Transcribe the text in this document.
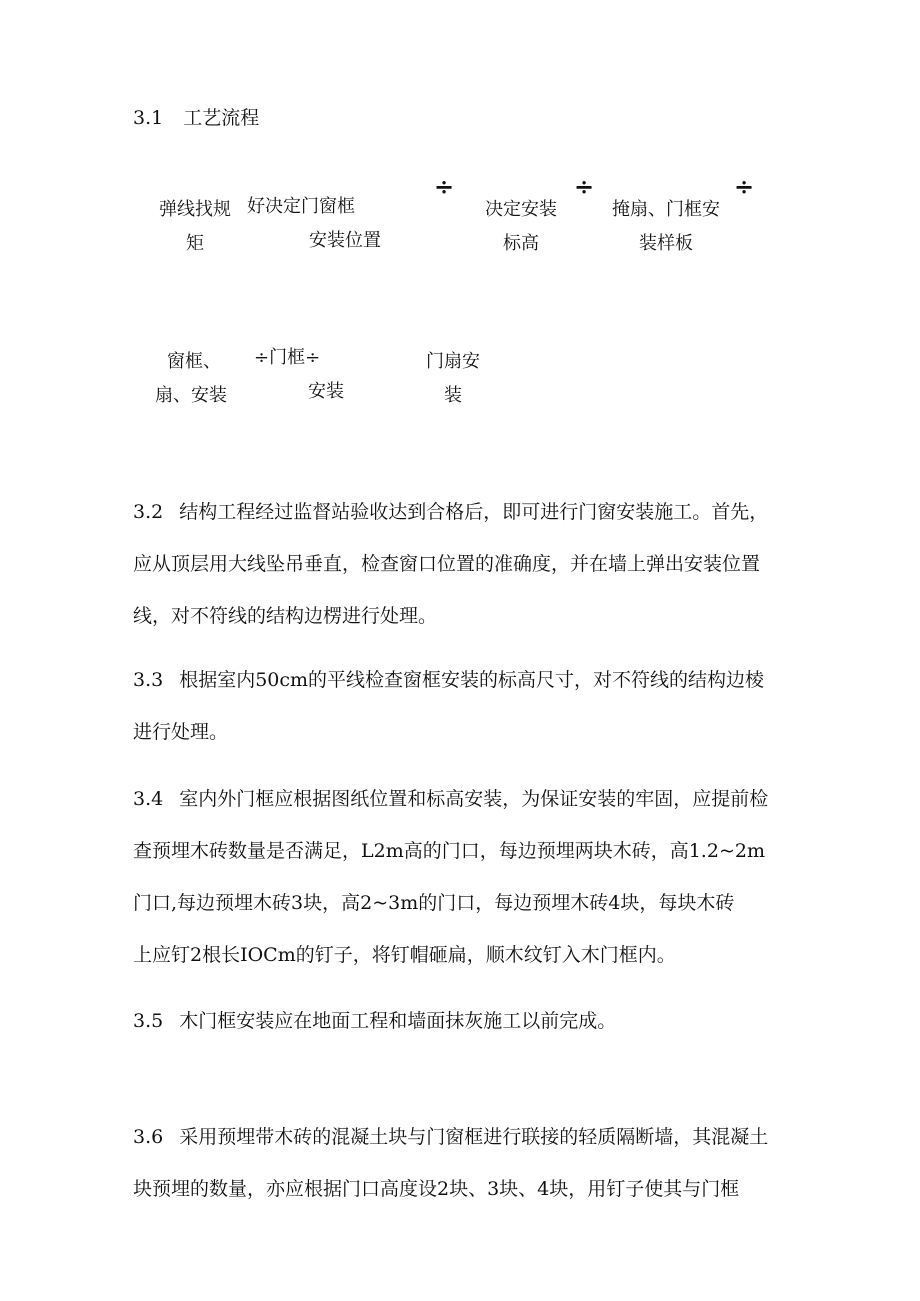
3.1 工艺流程
弹线找规
矩
好决定门窗框
安装位置
÷
决定安装
标高
÷
掩扇、门框安
装样板
÷
窗框、
扇、安装
÷门框÷
安装
门扇安
装
3.2 结构工程经过监督站验收达到合格后，即可进行门窗安装施工。首先，
应从顶层用大线坠吊垂直，检查窗口位置的准确度，并在墙上弹出安装位置
线，对不符线的结构边楞进行处理。
3.3 根据室内50cm的平线检查窗框安装的标高尺寸，对不符线的结构边棱
进行处理。
3.4 室内外门框应根据图纸位置和标高安装，为保证安装的牢固，应提前检
查预埋木砖数量是否满足，L2m高的门口，每边预埋两块木砖，高1.2~2m
门口,每边预埋木砖3块，高2~3m的门口，每边预埋木砖4块，每块木砖
上应钉2根长IOCm的钉子，将钉帽砸扁，顺木纹钉入木门框内。
3.5 木门框安装应在地面工程和墙面抹灰施工以前完成。
3.6 采用预埋带木砖的混凝土块与门窗框进行联接的轻质隔断墙，其混凝土
块预埋的数量，亦应根据门口高度设2块、3块、4块，用钉子使其与门框
